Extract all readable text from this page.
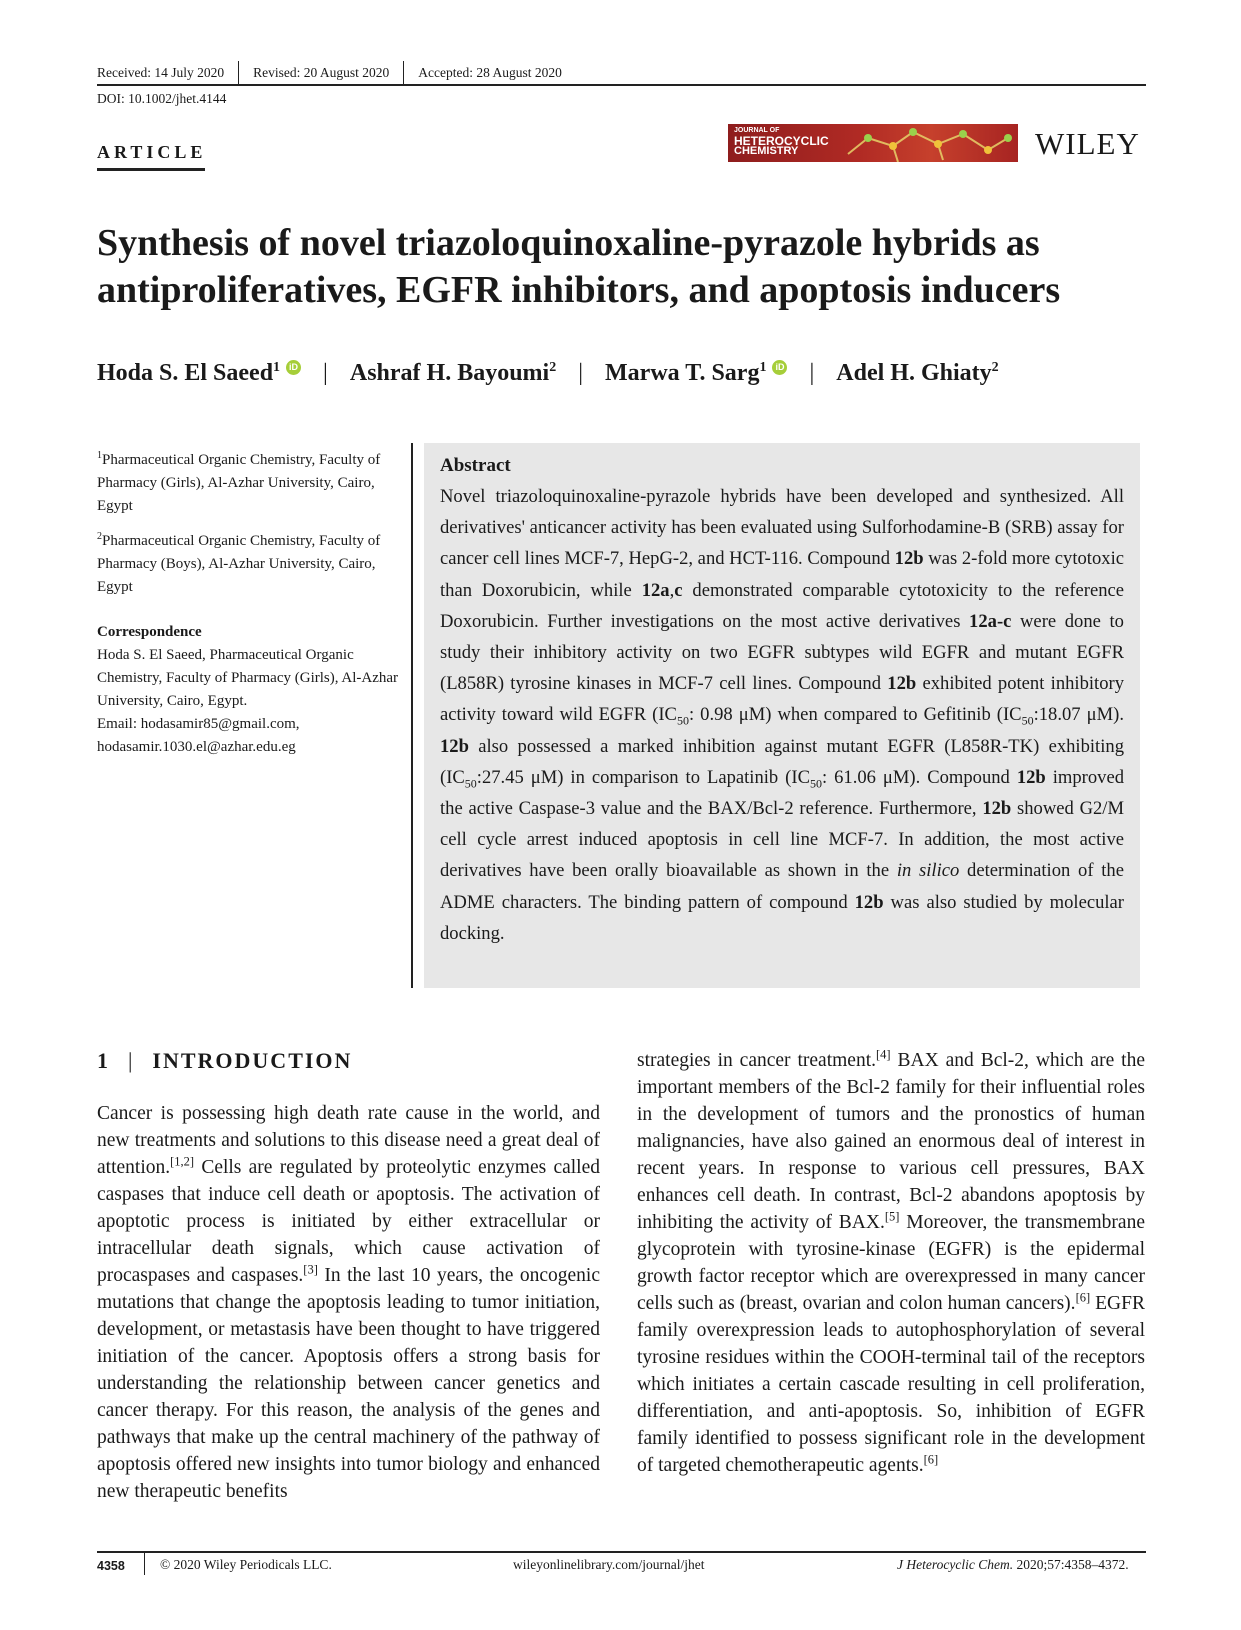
Received: 14 July 2020 Revised: 20 August 2020 Accepted: 28 August 2020
DOI: 10.1002/jhet.4144
ARTICLE
JOURNAL OF
HETEROCYCLIC
CHEMISTRY	WILEY
Synthesis of novel triazoloquinoxaline-pyrazole hybrids as antiproliferatives, EGFR inhibitors, and apoptosis inducers
Hoda S. El Saeed$^1$	iD | Ashraf H. Bayoumi$^2$ | Marwa T. Sarg$^1$	iD | Adel H. Ghiaty$^2$

$^1$Pharmaceutical Organic Chemistry, Faculty of Pharmacy (Girls), Al-Azhar University, Cairo, Egypt

$^2$Pharmaceutical Organic Chemistry, Faculty of Pharmacy (Boys), Al-Azhar University, Cairo, Egypt

Correspondence

Hoda S. El Saeed, Pharmaceutical Organic Chemistry, Faculty of Pharmacy (Girls), Al-Azhar University, Cairo, Egypt.
Email: hodasamir85@gmail.com,
hodasamir.1030.el@azhar.edu.eg

Abstract

Novel triazoloquinoxaline-pyrazole hybrids have been developed and synthesized. All derivatives' anticancer activity has been evaluated using Sulforhodamine-B (SRB) assay for cancer cell lines MCF-7, HepG-2, and HCT-116. Compound 12b was 2-fold more cytotoxic than Doxorubicin, while 12a,c demonstrated comparable cytotoxicity to the reference Doxorubicin. Further investigations on the most active derivatives 12a-c were done to study their inhibitory activity on two EGFR subtypes wild EGFR and mutant EGFR (L858R) tyrosine kinases in MCF-7 cell lines. Compound 12b exhibited potent inhibitory activity toward wild EGFR ($IC_{50}$: 0.98 μM) when compared to Gefitinib ($IC_{50}:18.07$ μM). 12b also possessed a marked inhibition against mutant EGFR (L858R-TK) exhibiting ($IC_{50}:27.45$ μM) in comparison to Lapatinib ($IC_{50}$: 61.06 μM). Compound 12b improved the active Caspase-3 value and the BAX/Bcl-2 reference. Furthermore, 12b showed G2/M cell cycle arrest induced apoptosis in cell line MCF-7. In addition, the most active derivatives have been orally bioavailable as shown in the in silico determination of the ADME characters. The binding pattern of compound 12b was also studied by molecular docking.

1 | INTRODUCTION

Cancer is possessing high death rate cause in the world, and new treatments and solutions to this disease need a great deal of attention.[1,2] Cells are regulated by proteolytic enzymes called caspases that induce cell death or apoptosis. The activation of apoptotic process is initiated by either extracellular or intracellular death signals, which cause activation of procaspases and caspases.[3] In the last 10 years, the oncogenic mutations that change the apoptosis leading to tumor initiation, development, or metastasis have been thought to have triggered initiation of the cancer. Apoptosis offers a strong basis for understanding the relationship between cancer genetics and cancer therapy. For this reason, the analysis of the genes and pathways that make up the central machinery of the pathway of apoptosis offered new insights into tumor biology and enhanced new therapeutic benefits

strategies in cancer treatment.[4] BAX and Bcl-2, which are the important members of the Bcl-2 family for their influential roles in the development of tumors and the pronostics of human malignancies, have also gained an enormous deal of interest in recent years. In response to various cell pressures, BAX enhances cell death. In contrast, Bcl-2 abandons apoptosis by inhibiting the activity of BAX.[5] Moreover, the transmembrane glycoprotein with tyrosine-kinase (EGFR) is the epidermal growth factor receptor which are overexpressed in many cancer cells such as (breast, ovarian and colon human cancers).[6] EGFR family overexpression leads to autophosphorylation of several tyrosine residues within the COOH-terminal tail of the receptors which initiates a certain cascade resulting in cell proliferation, differentiation, and anti-apoptosis. So, inhibition of EGFR family identified to possess significant role in the development of targeted chemotherapeutic agents.[6]

4358	© 2020 Wiley Periodicals LLC.	wileyonlinelibrary.com/journal/jhet	J Heterocyclic Chem. 2020;57:4358–4372.
